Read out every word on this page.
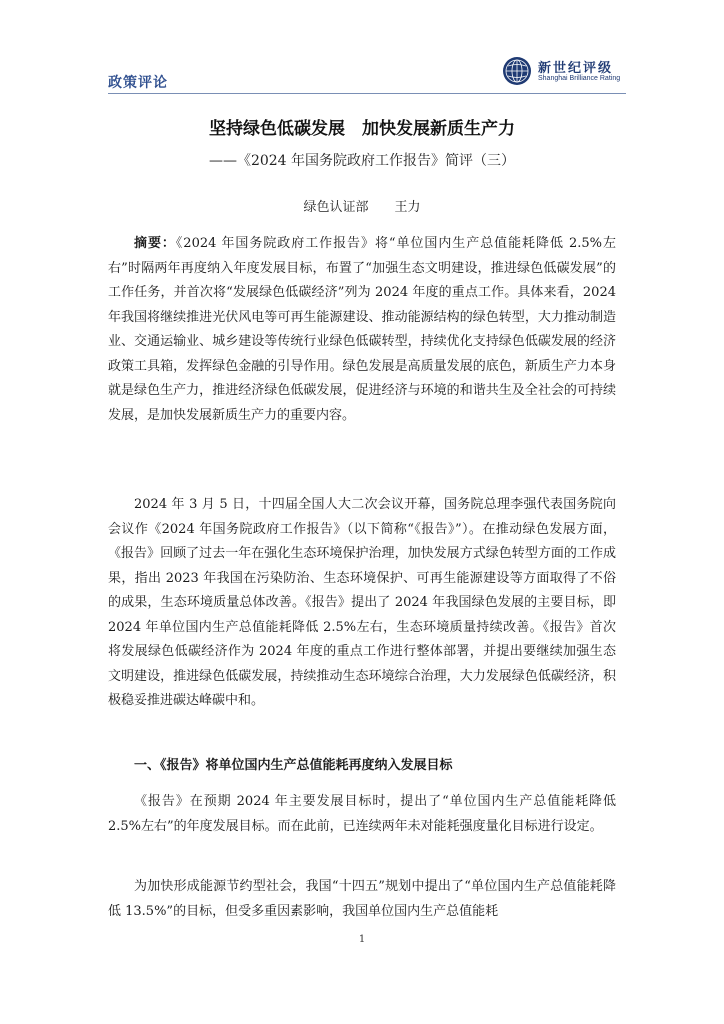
政策评论
新世纪评级
Shanghai Brilliance Rating
坚持绿色低碳发展　加快发展新质生产力
——《2024 年国务院政府工作报告》简评（三）
绿色认证部　　王力
摘要：《2024 年国务院政府工作报告》将“单位国内生产总值能耗降低 2.5%左右”时隔两年再度纳入年度发展目标，布置了“加强生态文明建设，推进绿色低碳发展”的工作任务，并首次将“发展绿色低碳经济”列为 2024 年度的重点工作。具体来看，2024 年我国将继续推进光伏风电等可再生能源建设、推动能源结构的绿色转型，大力推动制造业、交通运输业、城乡建设等传统行业绿色低碳转型，持续优化支持绿色低碳发展的经济政策工具箱，发挥绿色金融的引导作用。绿色发展是高质量发展的底色，新质生产力本身就是绿色生产力，推进经济绿色低碳发展，促进经济与环境的和谐共生及全社会的可持续发展，是加快发展新质生产力的重要内容。
2024 年 3 月 5 日，十四届全国人大二次会议开幕，国务院总理李强代表国务院向会议作《2024 年国务院政府工作报告》（以下简称“《报告》”）。在推动绿色发展方面，《报告》回顾了过去一年在强化生态环境保护治理，加快发展方式绿色转型方面的工作成果，指出 2023 年我国在污染防治、生态环境保护、可再生能源建设等方面取得了不俗的成果，生态环境质量总体改善。《报告》提出了 2024 年我国绿色发展的主要目标，即 2024 年单位国内生产总值能耗降低 2.5%左右，生态环境质量持续改善。《报告》首次将发展绿色低碳经济作为 2024 年度的重点工作进行整体部署，并提出要继续加强生态文明建设，推进绿色低碳发展，持续推动生态环境综合治理，大力发展绿色低碳经济，积极稳妥推进碳达峰碳中和。
一、《报告》将单位国内生产总值能耗再度纳入发展目标
《报告》在预期 2024 年主要发展目标时，提出了“单位国内生产总值能耗降低 2.5%左右”的年度发展目标。而在此前，已连续两年未对能耗强度量化目标进行设定。
为加快形成能源节约型社会，我国“十四五”规划中提出了“单位国内生产总值能耗降低 13.5%”的目标，但受多重因素影响，我国单位国内生产总值能耗
1
